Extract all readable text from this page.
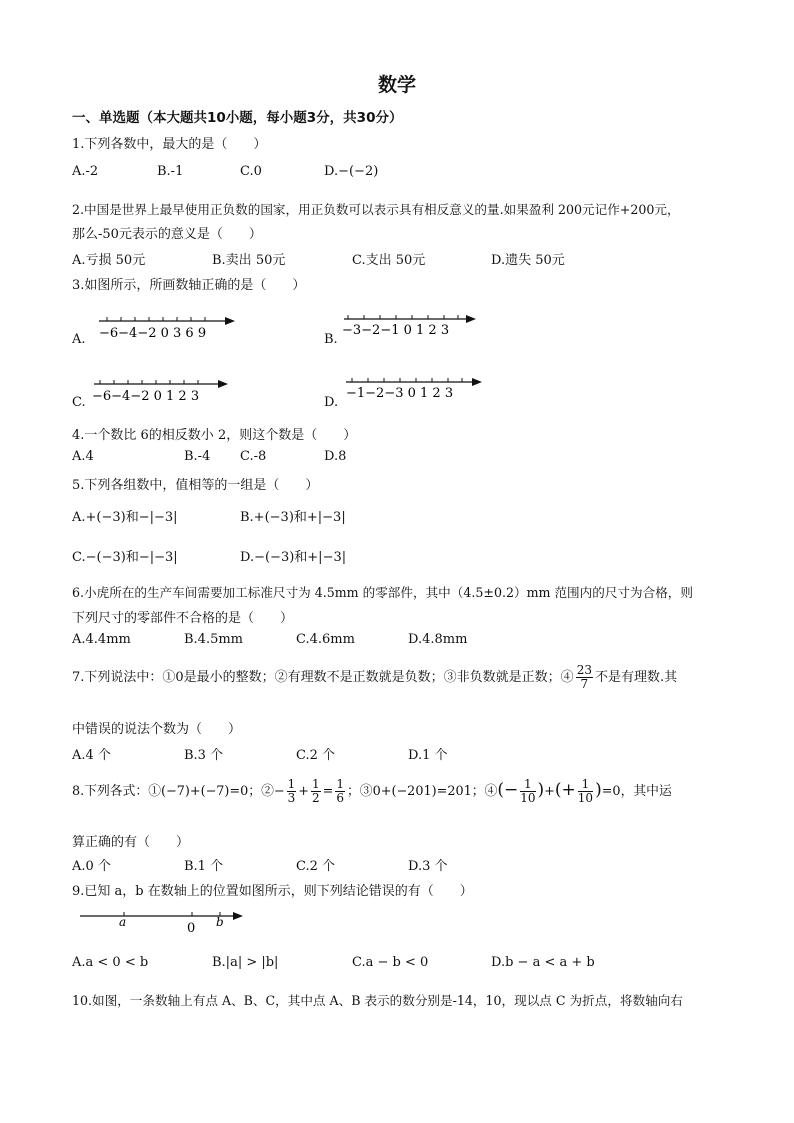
数学
一、单选题（本大题共10小题，每小题3分，共30分）
1.下列各数中，最大的是（　　）
A.-2	B.-1	C.0	D.−(−2)
2.中国是世界上最早使用正负数的国家，用正负数可以表示具有相反意义的量.如果盈利 200元记作+200元，
那么-50元表示的意义是（　　）
A.亏损 50元	B.卖出 50元	C.支出 50元	D.遗失 50元
3.如图所示，所画数轴正确的是（　　）
A. −6−4−2 0 3 6 9	B.
−3−2−1 0 1 2 3
C. −6−4−2 0 1 2 3	D.
−1−2−3 0 1 2 3
4.一个数比 6的相反数小 2，则这个数是（　　）
A.4	B.-4 C.-8	D.8
5.下列各组数中，值相等的一组是（　　）
A.+(−3)和−|−3|	B.+(−3)和+|−3|
C.−(−3)和−|−3|	D.−(−3)和+|−3|
6.小虎所在的生产车间需要加工标准尺寸为 4.5mm 的零部件，其中（4.5±0.2）mm 范围内的尺寸为合格，则
下列尺寸的零部件不合格的是（　　）
A.4.4mm	B.4.5mm	C.4.6mm	D.4.8mm
7.下列说法中：①0是最小的整数；②有理数不是正数就是负数；③非负数就是正数；④ $\frac{23}{7}$ 不是有理数.其
中错误的说法个数为（　　）
A.4 个	B.3 个	C.2 个	D.1 个
8.下列各式：①(−7)+(−7)=0；②− $\frac{1}{3} + \frac{1}{2} = \frac{1}{6}$ ；③0+(−201)=201；④(− $\frac{1}{10}$ )+(+ $\frac{1}{10} )=0$，其中运
算正确的有（　　）
A.0 个	B.1 个	C.2 个	D.3 个
9.已知 a，b 在数轴上的位置如图所示，则下列结论错误的有（　　）
a	0 b
A.a < 0 < b	B.|a| > |b|	C.a − b < 0	D.b − a < a + b
10.如图，一条数轴上有点 A、B、C，其中点 A、B 表示的数分别是-14，10，现以点 C 为折点，将数轴向右
